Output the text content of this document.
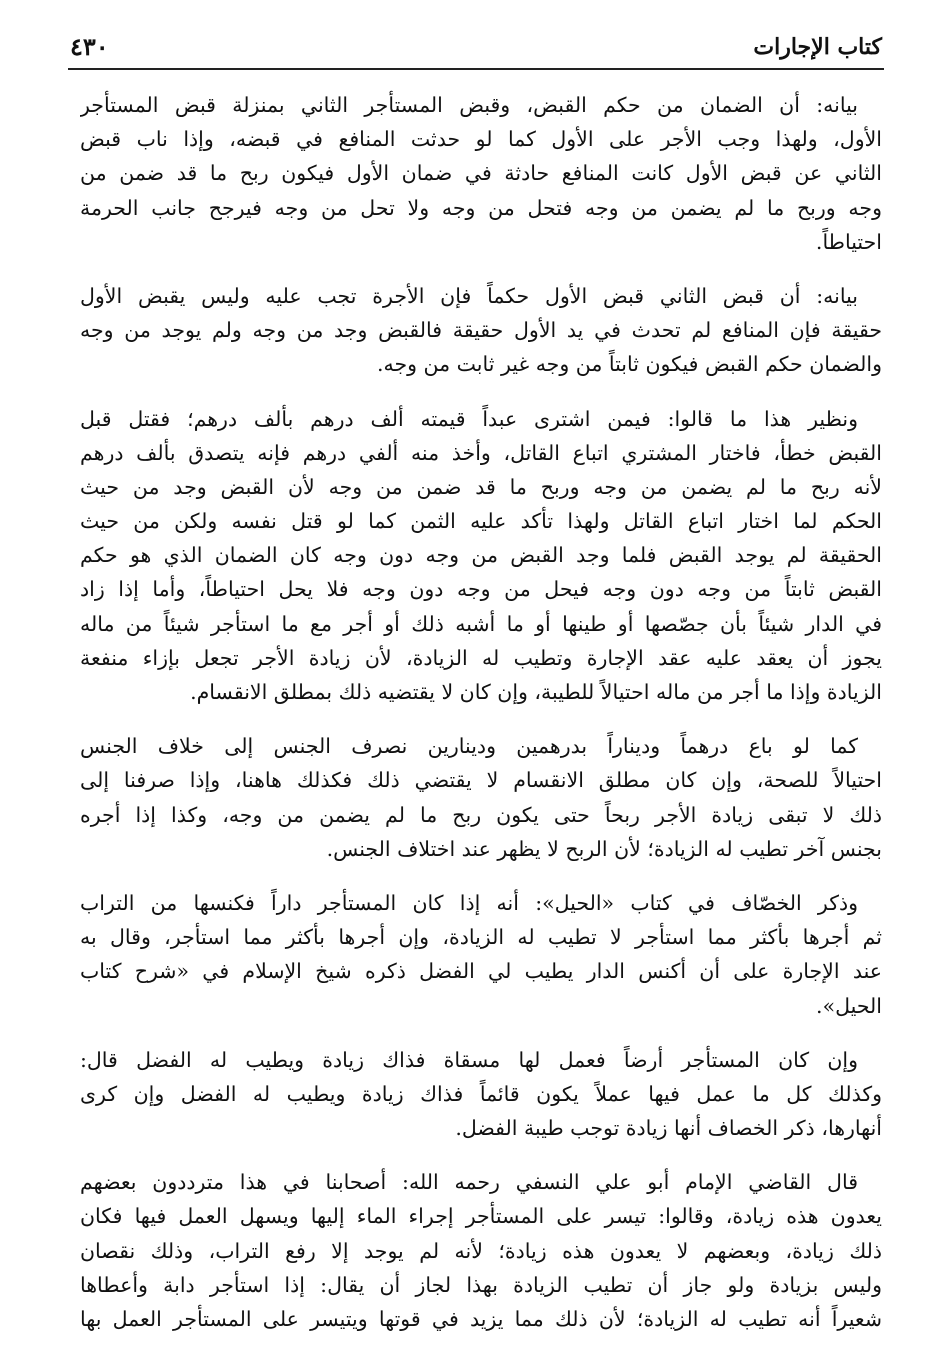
كتاب الإجارات
٤٣٠
بيانه: أن الضمان من حكم القبض، وقبض المستأجر الثاني بمنزلة قبض المستأجر
الأول، ولهذا وجب الأجر على الأول كما لو حدثت المنافع في قبضه، وإذا ناب قبض
الثاني عن قبض الأول كانت المنافع حادثة في ضمان الأول فيكون ربح ما قد ضمن من
وجه وربح ما لم يضمن من وجه فتحل من وجه ولا تحل من وجه فيرجح جانب الحرمة
احتياطاً.
بيانه: أن قبض الثاني قبض الأول حكماً فإن الأجرة تجب عليه وليس يقبض الأول
حقيقة فإن المنافع لم تحدث في يد الأول حقيقة فالقبض وجد من وجه ولم يوجد من وجه
والضمان حكم القبض فيكون ثابتاً من وجه غير ثابت من وجه.
ونظير هذا ما قالوا: فيمن اشترى عبداً قيمته ألف درهم بألف درهم؛ فقتل قبل
القبض خطأ، فاختار المشتري اتباع القاتل، وأخذ منه ألفي درهم فإنه يتصدق بألف درهم
لأنه ربح ما لم يضمن من وجه وربح ما قد ضمن من وجه لأن القبض وجد من حيث
الحكم لما اختار اتباع القاتل ولهذا تأكد عليه الثمن كما لو قتل نفسه ولكن من حيث
الحقيقة لم يوجد القبض فلما وجد القبض من وجه دون وجه كان الضمان الذي هو حكم
القبض ثابتاً من وجه دون وجه فيحل من وجه دون وجه فلا يحل احتياطاً، وأما إذا زاد
في الدار شيئاً بأن جصّصها أو طينها أو ما أشبه ذلك أو أجر مع ما استأجر شيئاً من ماله
يجوز أن يعقد عليه عقد الإجارة وتطيب له الزيادة، لأن زيادة الأجر تجعل بإزاء منفعة
الزيادة وإذا ما أجر من ماله احتيالاً للطيبة، وإن كان لا يقتضيه ذلك بمطلق الانقسام.
كما لو باع درهماً وديناراً بدرهمين ودينارين نصرف الجنس إلى خلاف الجنس
احتيالاً للصحة، وإن كان مطلق الانقسام لا يقتضي ذلك فكذلك هاهنا، وإذا صرفنا إلى
ذلك لا تبقى زيادة الأجر ربحاً حتى يكون ربح ما لم يضمن من وجه، وكذا إذا أجره
بجنس آخر تطيب له الزيادة؛ لأن الربح لا يظهر عند اختلاف الجنس.
وذكر الخصّاف في كتاب «الحيل»: أنه إذا كان المستأجر داراً فكنسها من التراب
ثم أجرها بأكثر مما استأجر لا تطيب له الزيادة، وإن أجرها بأكثر مما استأجر، وقال به
عند الإجارة على أن أكنس الدار يطيب لي الفضل ذكره شيخ الإسلام في «شرح كتاب
الحيل».
وإن كان المستأجر أرضاً فعمل لها مسقاة فذاك زيادة ويطيب له الفضل قال:
وكذلك كل ما عمل فيها عملاً يكون قائماً فذاك زيادة ويطيب له الفضل وإن كرى
أنهارها، ذكر الخصاف أنها زيادة توجب طيبة الفضل.
قال القاضي الإمام أبو علي النسفي رحمه الله: أصحابنا في هذا مترددون بعضهم
يعدون هذه زيادة، وقالوا: تيسر على المستأجر إجراء الماء إليها ويسهل العمل فيها فكان
ذلك زيادة، وبعضهم لا يعدون هذه زيادة؛ لأنه لم يوجد إلا رفع التراب، وذلك نقصان
وليس بزيادة ولو جاز أن تطيب الزيادة بهذا لجاز أن يقال: إذا استأجر دابة وأعطاها
شعيراً أنه تطيب له الزيادة؛ لأن ذلك مما يزيد في قوتها ويتيسر على المستأجر العمل بها
